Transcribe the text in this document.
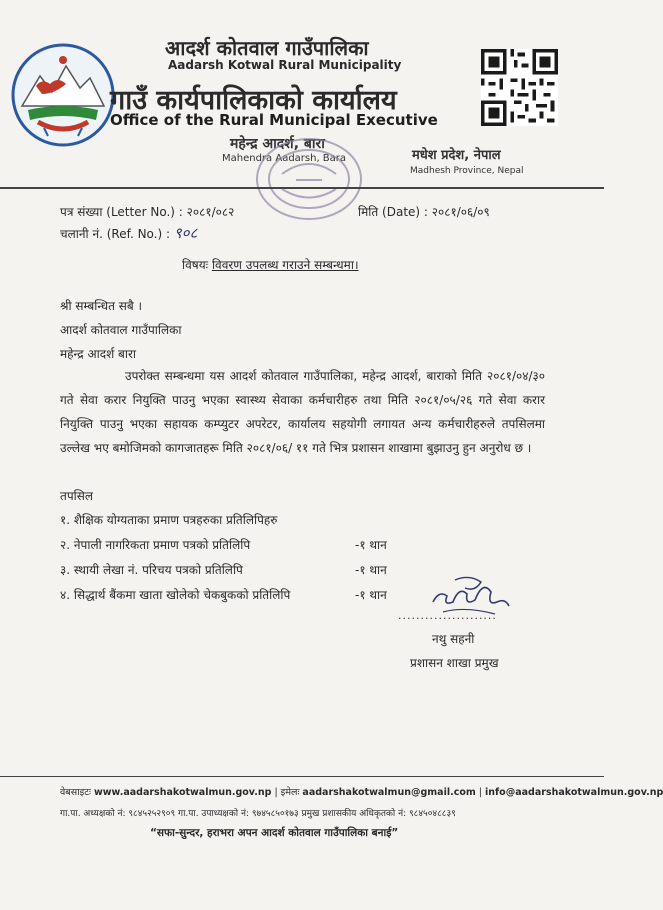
आदर्श कोतवाल गाउँपालिका
Aadarsh Kotwal Rural Municipality
गाउँ कार्यपालिकाको कार्यालय
Office of the Rural Municipal Executive
महेन्द्र आदर्श, बारा
Mahendra Aadarsh, Bara	मधेश प्रदेश, नेपाल
Madhesh Province, Nepal
पत्र संख्या (Letter No.) : २०८१/०८२
चलानी नं. (Ref. No.) : ९०८
मिति (Date) : २०८१/०६/०९
विषयः विवरण उपलब्ध गराउने सम्बन्धमा।
श्री सम्बन्धित सबै ।
आदर्श कोतवाल गाउँपालिका
महेन्द्र आदर्श बारा
उपरोक्त सम्बन्धमा यस आदर्श कोतवाल गाउँपालिका, महेन्द्र आदर्श, बाराको मिति २०८१/०४/३० गते सेवा करार नियुक्ति पाउनु भएका स्वास्थ्य सेवाका कर्मचारीहरु तथा मिति २०८१/०५/२६ गते सेवा करार नियुक्ति पाउनु भएका सहायक कम्प्युटर अपरेटर, कार्यालय सहयोगी लगायत अन्य कर्मचारीहरुले तपसिलमा उल्लेख भए बमोजिमको कागजातहरू मिति २०८१/०६/ ११ गते भित्र प्रशासन शाखामा बुझाउनु हुन अनुरोध छ ।
तपसिल
१. शैक्षिक योग्यताका प्रमाण पत्रहरुका प्रतिलिपिहरु
२. नेपाली नागरिकता प्रमाण पत्रको प्रतिलिपि	-१ थान
३. स्थायी लेखा नं. परिचय पत्रको प्रतिलिपि	-१ थान
४. सिद्धार्थ बैंकमा खाता खोलेको चेकबुकको प्रतिलिपि	-१ थान
......................
नथु सहनी
प्रशासन शाखा प्रमुख
वेबसाइटः www.aadarshakotwalmun.gov.np | इमेलः aadarshakotwalmun@gmail.com | info@aadarshakotwalmun.gov.np
गा.पा. अध्यक्षको नं: ९८४५२५२९०९ गा.पा. उपाध्यक्षको नं: ९७४५८५०१७३ प्रमुख प्रशासकीय अधिकृतको नं: ९८४५०४८८३९
“सफा-सुन्दर, हराभरा अपन आदर्श कोतवाल गाउँपालिका बनाई”
